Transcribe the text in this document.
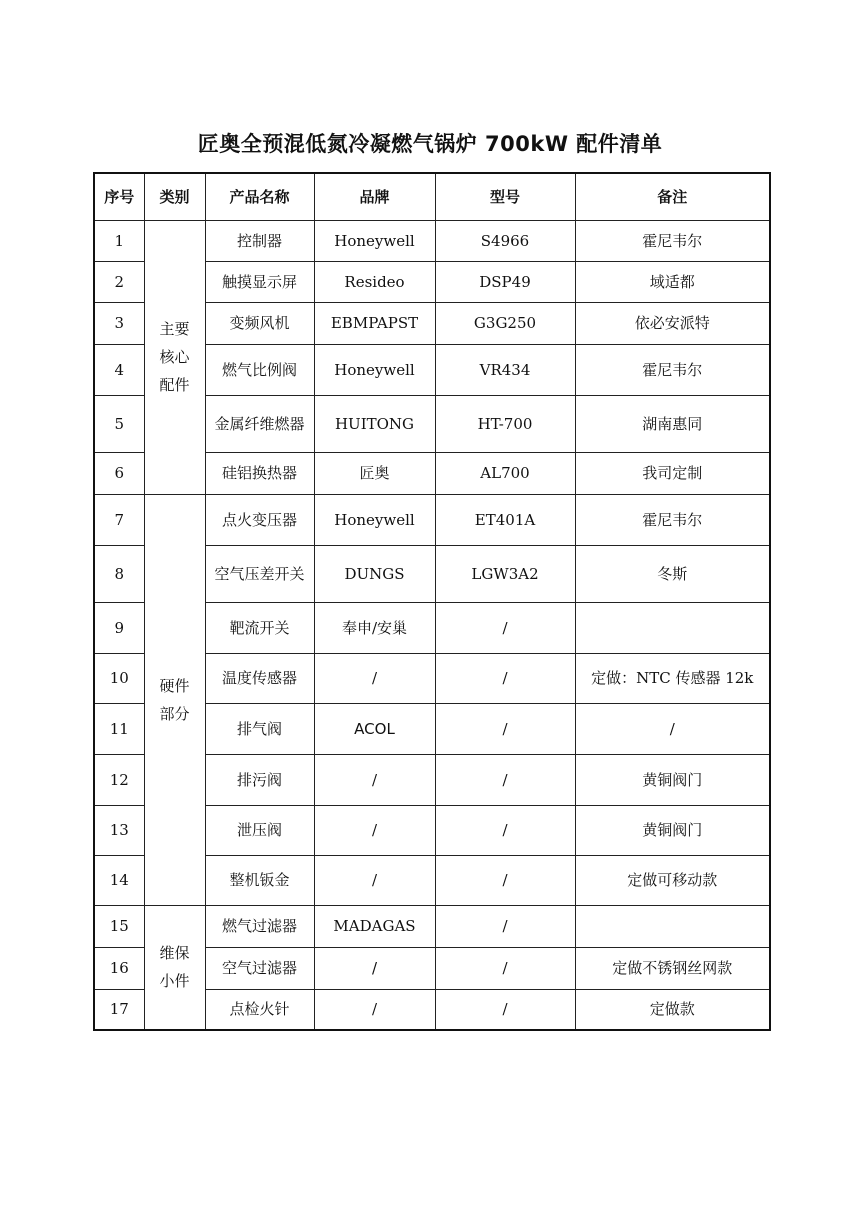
匠奥全预混低氮冷凝燃气锅炉 700kW 配件清单
序号	类别	产品名称	品牌	型号	备注
1	主要核心配件	控制器	Honeywell	S4966	霍尼韦尔
2		触摸显示屏	Resideo	DSP49	域适都
3		变频风机	EBMPAPST	G3G250	依必安派特
4		燃气比例阀	Honeywell	VR434	霍尼韦尔
5		金属纤维燃器	HUITONG	HT-700	湖南惠同
6		硅铝换热器	匠奥	AL700	我司定制
7	硬件部分	点火变压器	Honeywell	ET401A	霍尼韦尔
8		空气压差开关	DUNGS	LGW3A2	冬斯
9		靶流开关	奉申/安巢	/	
10		温度传感器	/	/	定做：NTC 传感器 12k
11		排气阀	ACOL	/	/
12		排污阀	/	/	黄铜阀门
13		泄压阀	/	/	黄铜阀门
14		整机钣金	/	/	定做可移动款
15	维保小件	燃气过滤器	MADAGAS	/	
16		空气过滤器	/	/	定做不锈钢丝网款
17		点检火针	/	/	定做款
